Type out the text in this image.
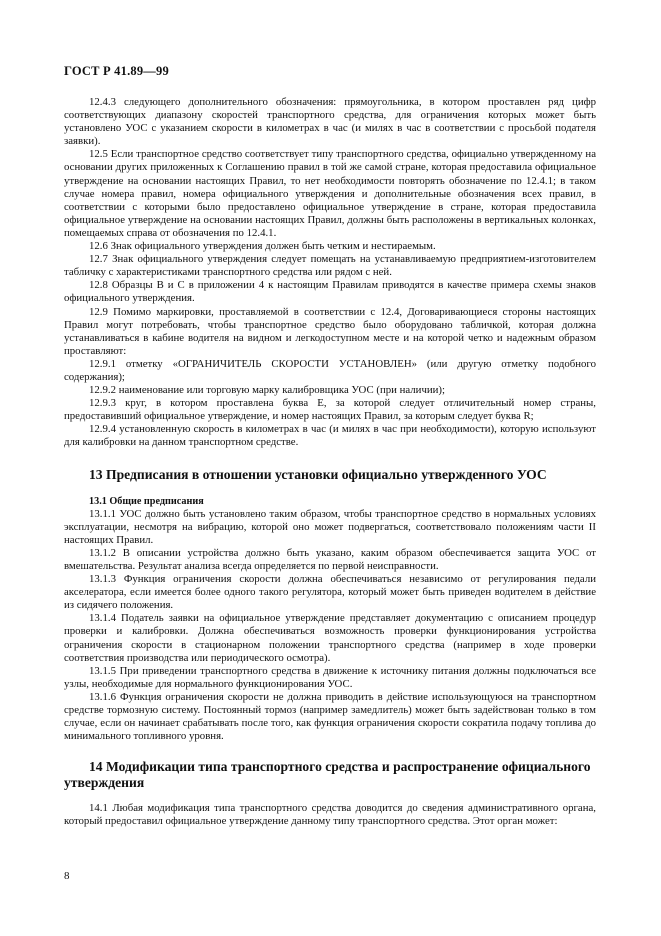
ГОСТ Р 41.89—99

12.4.3 следующего дополнительного обозначения: прямоугольника, в котором проставлен ряд цифр соответствующих диапазону скоростей транспортного средства, для ограничения которых может быть установлено УОС с указанием скорости в километрах в час (и милях в час в соответствии с просьбой подателя заявки).

12.5 Если транспортное средство соответствует типу транспортного средства, официально утвержденному на основании других приложенных к Соглашению правил в той же самой стране, которая предоставила официальное утверждение на основании настоящих Правил, то нет необходимости повторять обозначение по 12.4.1; в таком случае номера правил, номера официального утверждения и дополнительные обозначения всех правил, в соответствии с которыми было предоставлено официальное утверждение в стране, которая предоставила официальное утверждение на основании настоящих Правил, должны быть расположены в вертикальных колонках, помещаемых справа от обозначения по 12.4.1.

12.6 Знак официального утверждения должен быть четким и нестираемым.

12.7 Знак официального утверждения следует помещать на устанавливаемую предприятием-изготовителем табличку с характеристиками транспортного средства или рядом с ней.

12.8 Образцы В и С в приложении 4 к настоящим Правилам приводятся в качестве примера схемы знаков официального утверждения.

12.9 Помимо маркировки, проставляемой в соответствии с 12.4, Договаривающиеся стороны настоящих Правил могут потребовать, чтобы транспортное средство было оборудовано табличкой, которая должна устанавливаться в кабине водителя на видном и легкодоступном месте и на которой четко и надежным образом проставляют:

12.9.1 отметку «ОГРАНИЧИТЕЛЬ СКОРОСТИ УСТАНОВЛЕН» (или другую отметку подобного содержания);

12.9.2 наименование или торговую марку калибровщика УОС (при наличии);

12.9.3 круг, в котором проставлена буква Е, за которой следует отличительный номер страны, предоставивший официальное утверждение, и номер настоящих Правил, за которым следует буква R;

12.9.4 установленную скорость в километрах в час (и милях в час при необходимости), которую используют для калибровки на данном транспортном средстве.

13 Предписания в отношении установки официально утвержденного УОС
13.1 Общие предписания

13.1.1 УОС должно быть установлено таким образом, чтобы транспортное средство в нормальных условиях эксплуатации, несмотря на вибрацию, которой оно может подвергаться, соответствовало положениям части II настоящих Правил.

13.1.2 В описании устройства должно быть указано, каким образом обеспечивается защита УОС от вмешательства. Результат анализа всегда определяется по первой неисправности.

13.1.3 Функция ограничения скорости должна обеспечиваться независимо от регулирования педали акселератора, если имеется более одного такого регулятора, который может быть приведен водителем в действие из сидячего положения.

13.1.4 Податель заявки на официальное утверждение представляет документацию с описанием процедур проверки и калибровки. Должна обеспечиваться возможность проверки функционирования устройства ограничения скорости в стационарном положении транспортного средства (например в ходе проверки соответствия производства или периодического осмотра).

13.1.5 При приведении транспортного средства в движение к источнику питания должны подключаться все узлы, необходимые для нормального функционирования УОС.

13.1.6 Функция ограничения скорости не должна приводить в действие использующуюся на транспортном средстве тормозную систему. Постоянный тормоз (например замедлитель) может быть задействован только в том случае, если он начинает срабатывать после того, как функция ограничения скорости сократила подачу топлива до минимального топливного уровня.

14 Модификации типа транспортного средства и распространение официального утверждения

14.1 Любая модификация типа транспортного средства доводится до сведения административного органа, который предоставил официальное утверждение данному типу транспортного средства. Этот орган может:

8
